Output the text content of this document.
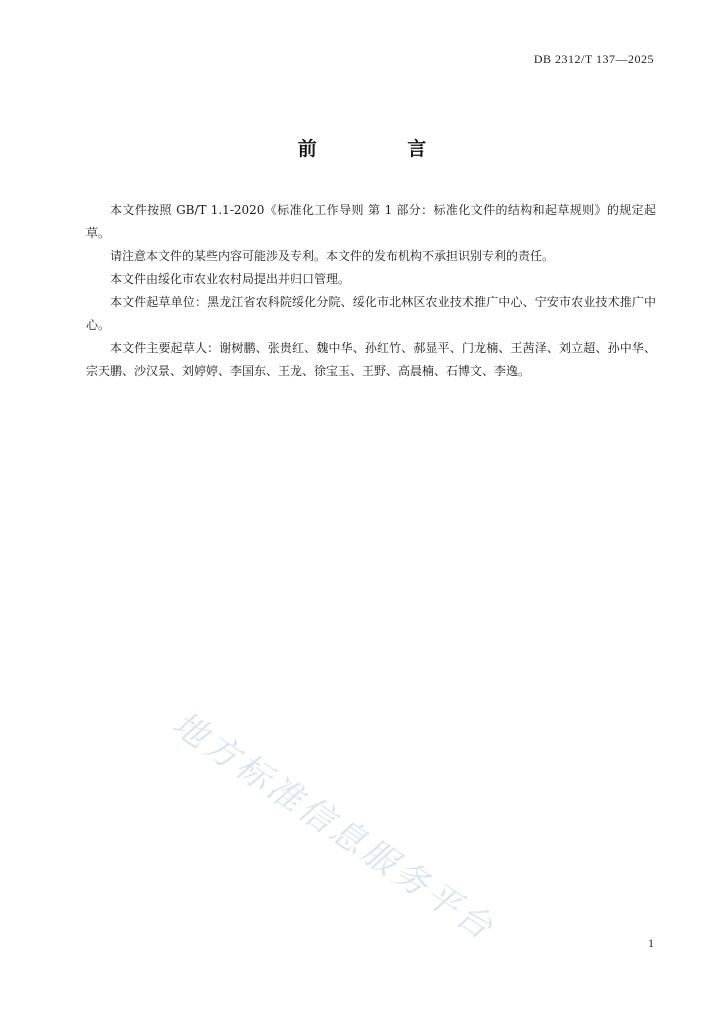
DB 2312/T 137—2025
前 言

本文件按照 GB/T 1.1-2020《标准化工作导则 第 1 部分：标准化文件的结构和起草规则》的规定起草。

请注意本文件的某些内容可能涉及专利。本文件的发布机构不承担识别专利的责任。

本文件由绥化市农业农村局提出并归口管理。

本文件起草单位：黑龙江省农科院绥化分院、绥化市北林区农业技术推广中心、宁安市农业技术推广中心。

本文件主要起草人：谢树鹏、张贵红、魏中华、孙红竹、郝显平、门龙楠、王茜泽、刘立超、孙中华、宗天鹏、沙汉景、刘婷婷、李国东、王龙、徐宝玉、王野、高晨楠、石博文、李逸。

地方标准信息服务平台	1
